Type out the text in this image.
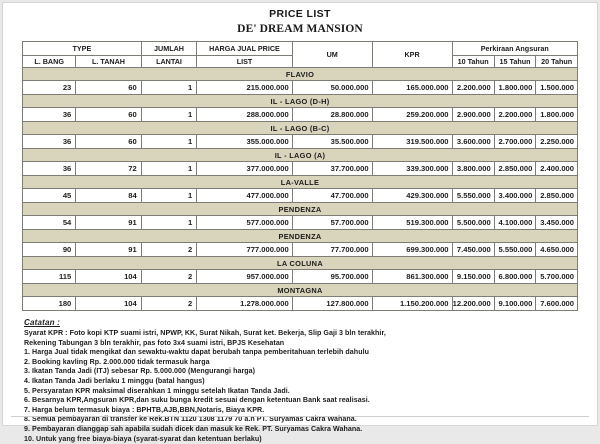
PRICE LIST
DE' DREAM MANSION
TYPE		JUMLAH	HARGA JUAL PRICE	UM	KPR	Perkiraan Angsuran		
L. BANG	L. TANAH	LANTAI	LIST			10 Tahun	15 Tahun	20 Tahun
FLAVIO								
23	60	1	215.000.000	50.000.000	165.000.000	2.200.000	1.800.000	1.500.000
IL - LAGO (D-H)								
36	60	1	288.000.000	28.800.000	259.200.000	2.900.000	2.200.000	1.800.000
IL - LAGO (B-C)								
36	60	1	355.000.000	35.500.000	319.500.000	3.600.000	2.700.000	2.250.000
IL - LAGO (A)								
36	72	1	377.000.000	37.700.000	339.300.000	3.800.000	2.850.000	2.400.000
LA-VALLE								
45	84	1	477.000.000	47.700.000	429.300.000	5.550.000	3.400.000	2.850.000
PENDENZA								
54	91	1	577.000.000	57.700.000	519.300.000	5.500.000	4.100.000	3.450.000
PENDENZA								
90	91	2	777.000.000	77.700.000	699.300.000	7.450.000	5.550.000	4.650.000
LA COLUNA								
115	104	2	957.000.000	95.700.000	861.300.000	9.150.000	6.800.000	5.700.000
MONTAGNA								
180	104	2	1.278.000.000	127.800.000	1.150.200.000	12.200.000	9.100.000	7.600.000
Catatan :

Syarat KPR : Foto kopi KTP suami istri, NPWP, KK, Surat Nikah, Surat ket. Bekerja, Slip Gaji 3 bln terakhir,

Rekening Tabungan 3 bln terakhir, pas foto 3x4 suami istri, BPJS Kesehatan

1. Harga Jual tidak mengikat dan sewaktu-waktu dapat berubah tanpa pemberitahuan terlebih dahulu

2. Booking kavling Rp. 2.000.000 tidak termasuk harga

3. Ikatan Tanda Jadi (ITJ) sebesar Rp. 5.000.000 (Mengurangi harga)

4. Ikatan Tanda Jadi berlaku 1 minggu (batal hangus)

5. Persyaratan KPR maksimal diserahkan 1 minggu setelah Ikatan Tanda Jadi.

6. Besarnya KPR,Angsuran KPR,dan suku bunga kredit sesuai dengan ketentuan Bank saat realisasi.

7. Harga belum termasuk biaya : BPHTB,AJB,BBN,Notaris, Biaya KPR.

8. Semua pembayaran di transfer ke Rek.BTN 1120 1308 1179 70 a.n PT. Suryamas Cakra Wahana.

9. Pembayaran dianggap sah apabila sudah dicek dan masuk ke Rek. PT. Suryamas Cakra Wahana.

10. Untuk yang free biaya-biaya (syarat-syarat dan ketentuan berlaku)
